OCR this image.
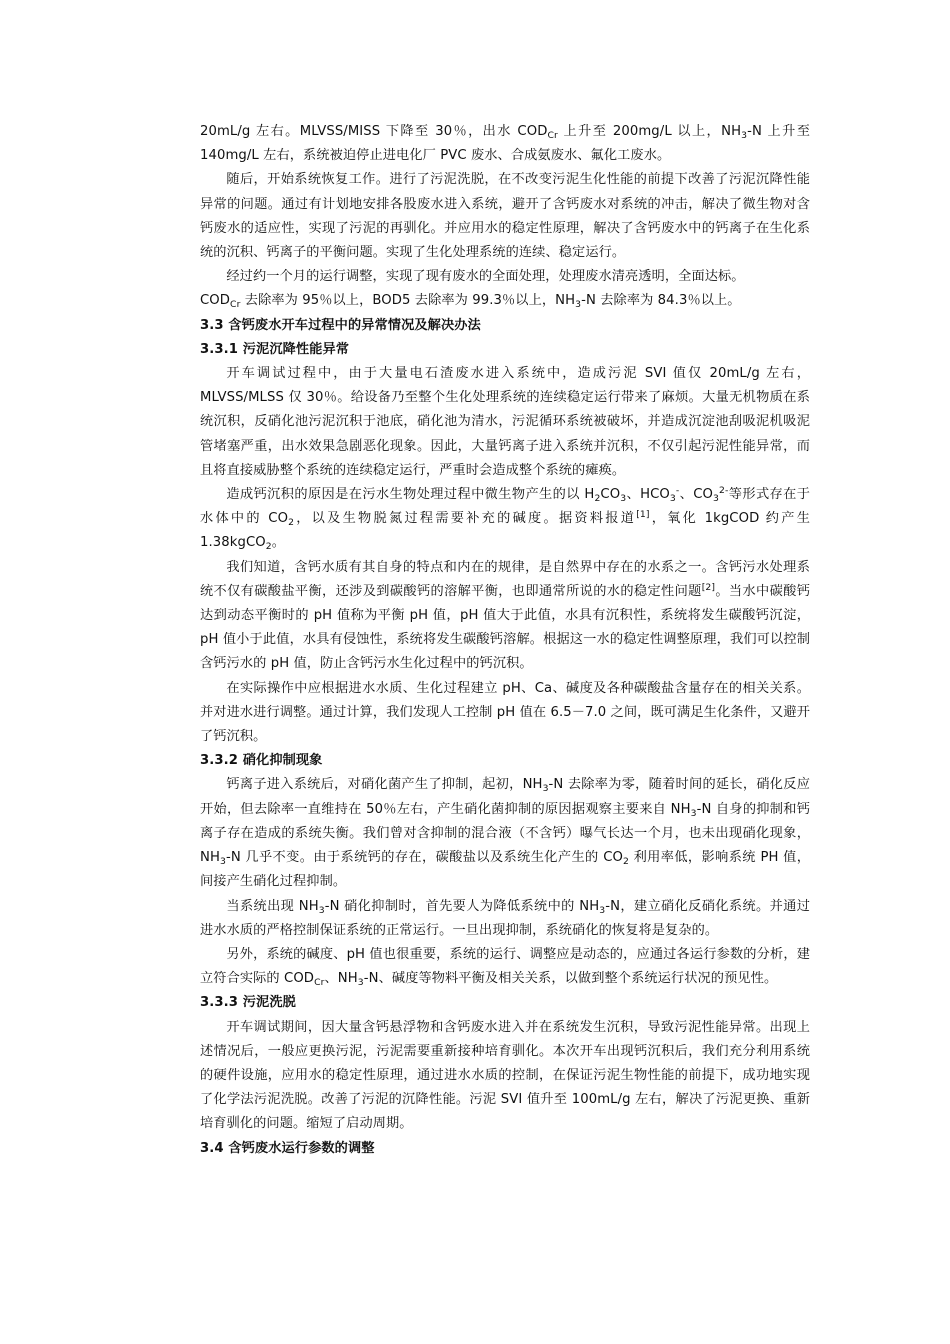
20mL/g 左右。MLVSS/MISS 下降至 30％，出水 $COD_{Cr}$ 上升至 200mg/L 以上，$NH_3-N$ 上升至 140mg/L 左右，系统被迫停止进电化厂 PVC 废水、合成氨废水、氟化工废水。

随后，开始系统恢复工作。进行了污泥洗脱，在不改变污泥生化性能的前提下改善了污泥沉降性能异常的问题。通过有计划地安排各股废水进入系统，避开了含钙废水对系统的冲击，解决了微生物对含钙废水的适应性，实现了污泥的再驯化。并应用水的稳定性原理，解决了含钙废水中的钙离子在生化系统的沉积、钙离子的平衡问题。实现了生化处理系统的连续、稳定运行。

经过约一个月的运行调整，实现了现有废水的全面处理，处理废水清亮透明，全面达标。

$COD_{Cr}$ 去除率为 95％以上，BOD5 去除率为 99.3％以上，$NH_3-N$ 去除率为 84.3％以上。

3.3 含钙废水开车过程中的异常情况及解决办法
3.3.1 污泥沉降性能异常

开车调试过程中，由于大量电石渣废水进入系统中，造成污泥 SVI 值仅 20mL/g 左右，MLVSS/MLSS 仅 30％。给设备乃至整个生化处理系统的连续稳定运行带来了麻烦。大量无机物质在系统沉积，反硝化池污泥沉积于池底，硝化池为清水，污泥循环系统被破坏，并造成沉淀池刮吸泥机吸泥管堵塞严重，出水效果急剧恶化现象。因此，大量钙离子进入系统并沉积，不仅引起污泥性能异常，而且将直接威胁整个系统的连续稳定运行，严重时会造成整个系统的瘫痪。

造成钙沉积的原因是在污水生物处理过程中微生物产生的以 $H_2CO_3$、$HCO_3^-$、$CO_3^{2-}$等形式存在于水体中的 $CO_2$，以及生物脱氮过程需要补充的碱度。据资料报道[1]，氧化 1kgCOD 约产生 1.38kgCO$_2$。

我们知道，含钙水质有其自身的特点和内在的规律，是自然界中存在的水系之一。含钙污水处理系统不仅有碳酸盐平衡，还涉及到碳酸钙的溶解平衡，也即通常所说的水的稳定性问题[2]。当水中碳酸钙达到动态平衡时的 pH 值称为平衡 pH 值，pH 值大于此值，水具有沉积性，系统将发生碳酸钙沉淀，pH 值小于此值，水具有侵蚀性，系统将发生碳酸钙溶解。根据这一水的稳定性调整原理，我们可以控制含钙污水的 pH 值，防止含钙污水生化过程中的钙沉积。

在实际操作中应根据进水水质、生化过程建立 pH、Ca、碱度及各种碳酸盐含量存在的相关关系。并对进水进行调整。通过计算，我们发现人工控制 pH 值在 6.5－7.0 之间，既可满足生化条件，又避开了钙沉积。

3.3.2 硝化抑制现象

钙离子进入系统后，对硝化菌产生了抑制，起初，$NH_3-N$ 去除率为零，随着时间的延长，硝化反应开始，但去除率一直维持在 50％左右，产生硝化菌抑制的原因据观察主要来自 $NH_3-N$ 自身的抑制和钙离子存在造成的系统失衡。我们曾对含抑制的混合液（不含钙）曝气长达一个月，也未出现硝化现象，$NH_3-N$ 几乎不变。由于系统钙的存在，碳酸盐以及系统生化产生的 $CO_2$ 利用率低，影响系统 PH 值，间接产生硝化过程抑制。

当系统出现 $NH_3-N$ 硝化抑制时，首先要人为降低系统中的 $NH_3-N$，建立硝化反硝化系统。并通过进水水质的严格控制保证系统的正常运行。一旦出现抑制，系统硝化的恢复将是复杂的。

另外，系统的碱度、pH 值也很重要，系统的运行、调整应是动态的，应通过各运行参数的分析，建立符合实际的 $COD_{Cr}$、$NH_3-N$、碱度等物料平衡及相关关系，以做到整个系统运行状况的预见性。

3.3.3 污泥洗脱

开车调试期间，因大量含钙悬浮物和含钙废水进入并在系统发生沉积，导致污泥性能异常。出现上述情况后，一般应更换污泥，污泥需要重新接种培育驯化。本次开车出现钙沉积后，我们充分利用系统的硬件设施，应用水的稳定性原理，通过进水水质的控制，在保证污泥生物性能的前提下，成功地实现了化学法污泥洗脱。改善了污泥的沉降性能。污泥 SVI 值升至 100mL/g 左右，解决了污泥更换、重新培育驯化的问题。缩短了启动周期。

3.4 含钙废水运行参数的调整
